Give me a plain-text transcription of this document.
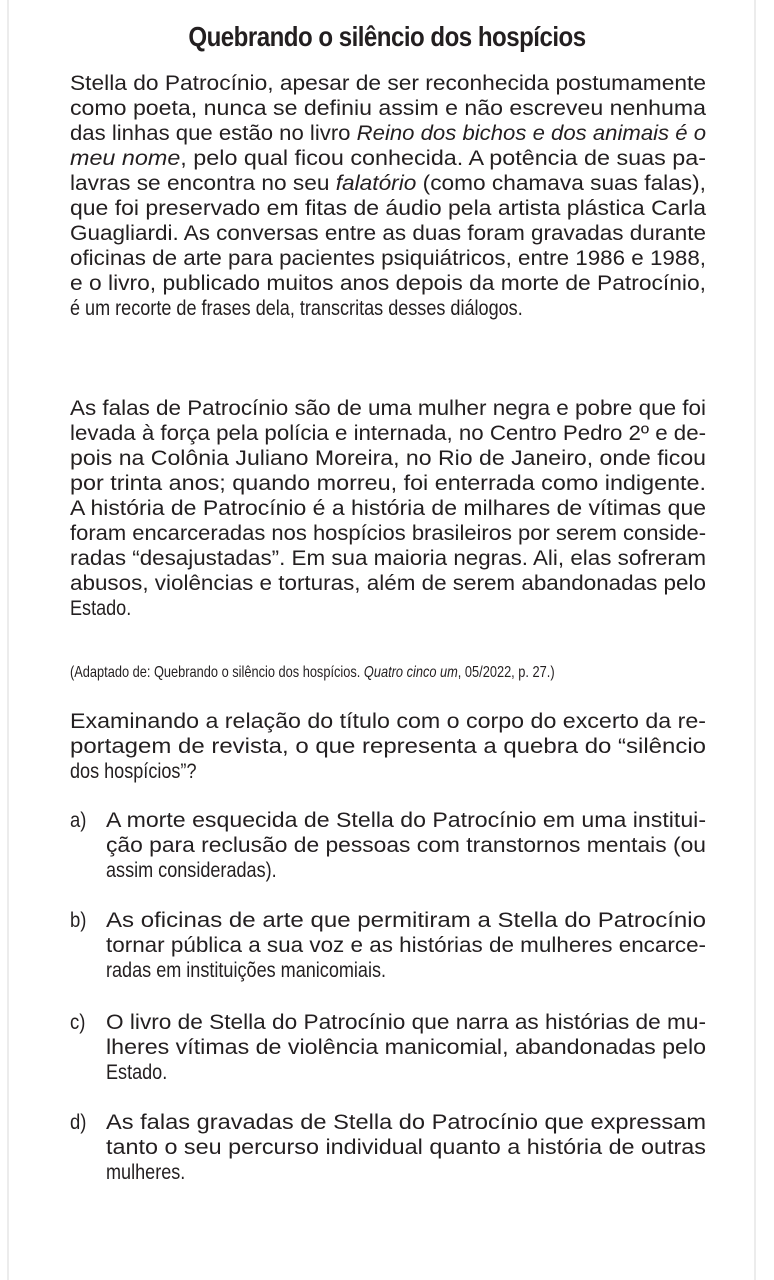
Quebrando o silêncio dos hospícios
Stella do Patrocínio, apesar de ser reconhecida postumamente
como poeta, nunca se definiu assim e não escreveu nenhuma
das linhas que estão no livro Reino dos bichos e dos animais é o
meu nome, pelo qual ficou conhecida. A potência de suas pa-
lavras se encontra no seu falatório (como chamava suas falas),
que foi preservado em fitas de áudio pela artista plástica Carla
Guagliardi. As conversas entre as duas foram gravadas durante
oficinas de arte para pacientes psiquiátricos, entre 1986 e 1988,
e o livro, publicado muitos anos depois da morte de Patrocínio,
é um recorte de frases dela, transcritas desses diálogos.
As falas de Patrocínio são de uma mulher negra e pobre que foi
levada à força pela polícia e internada, no Centro Pedro 2º e de-
pois na Colônia Juliano Moreira, no Rio de Janeiro, onde ficou
por trinta anos; quando morreu, foi enterrada como indigente.
A história de Patrocínio é a história de milhares de vítimas que
foram encarceradas nos hospícios brasileiros por serem conside-
radas “desajustadas”. Em sua maioria negras. Ali, elas sofreram
abusos, violências e torturas, além de serem abandonadas pelo
Estado.
(Adaptado de: Quebrando o silêncio dos hospícios. Quatro cinco um, 05/2022, p. 27.)
Examinando a relação do título com o corpo do excerto da re-
portagem de revista, o que representa a quebra do “silêncio
dos hospícios”?
a) A morte esquecida de Stella do Patrocínio em uma institui-
ção para reclusão de pessoas com transtornos mentais (ou
assim consideradas).
b) As oficinas de arte que permitiram a Stella do Patrocínio
tornar pública a sua voz e as histórias de mulheres encarce-
radas em instituições manicomiais.
c) O livro de Stella do Patrocínio que narra as histórias de mu-
lheres vítimas de violência manicomial, abandonadas pelo
Estado.
d) As falas gravadas de Stella do Patrocínio que expressam
tanto o seu percurso individual quanto a história de outras
mulheres.
